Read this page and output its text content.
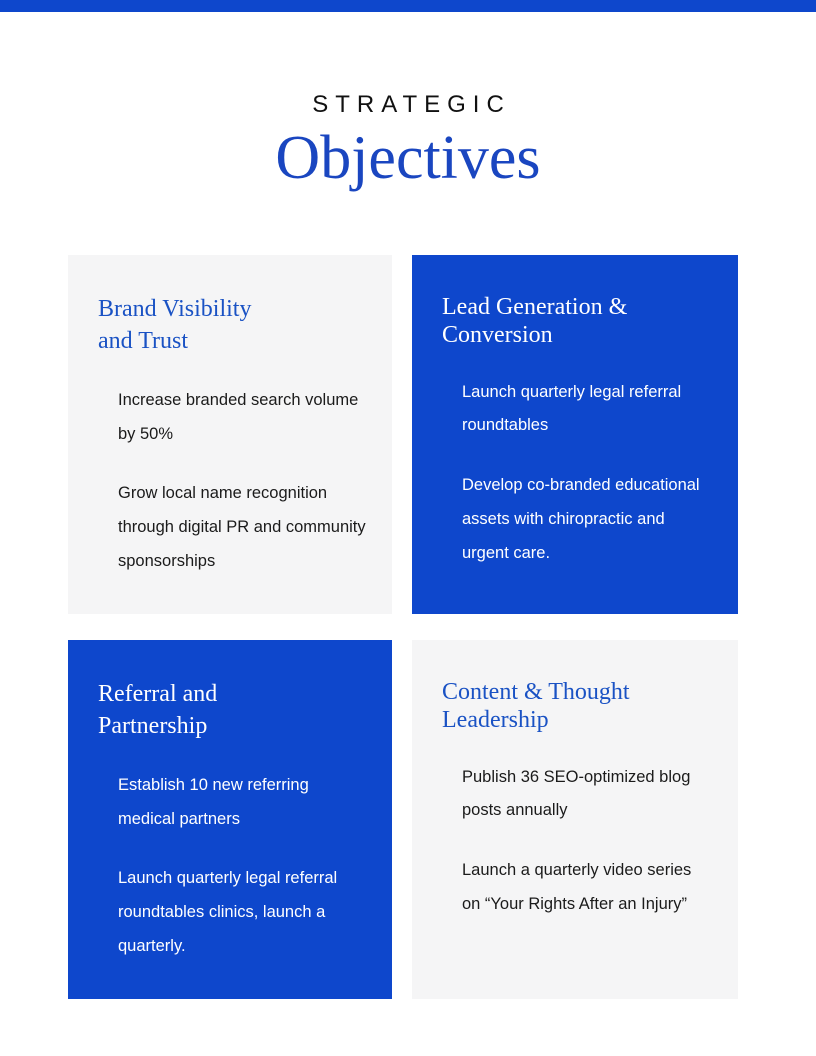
STRATEGIC
Objectives
Brand Visibility
and Trust

Increase branded search volume by 50%

Grow local name recognition through digital PR and community sponsorships

Lead Generation &
Conversion

Launch quarterly legal referral roundtables

Develop co-branded educational assets with chiropractic and urgent care.

Referral and
Partnership

Establish 10 new referring medical partners

Launch quarterly legal referral roundtables clinics, launch a quarterly.

Content & Thought
Leadership

Publish 36 SEO-optimized blog posts annually

Launch a quarterly video series on “Your Rights After an Injury”
